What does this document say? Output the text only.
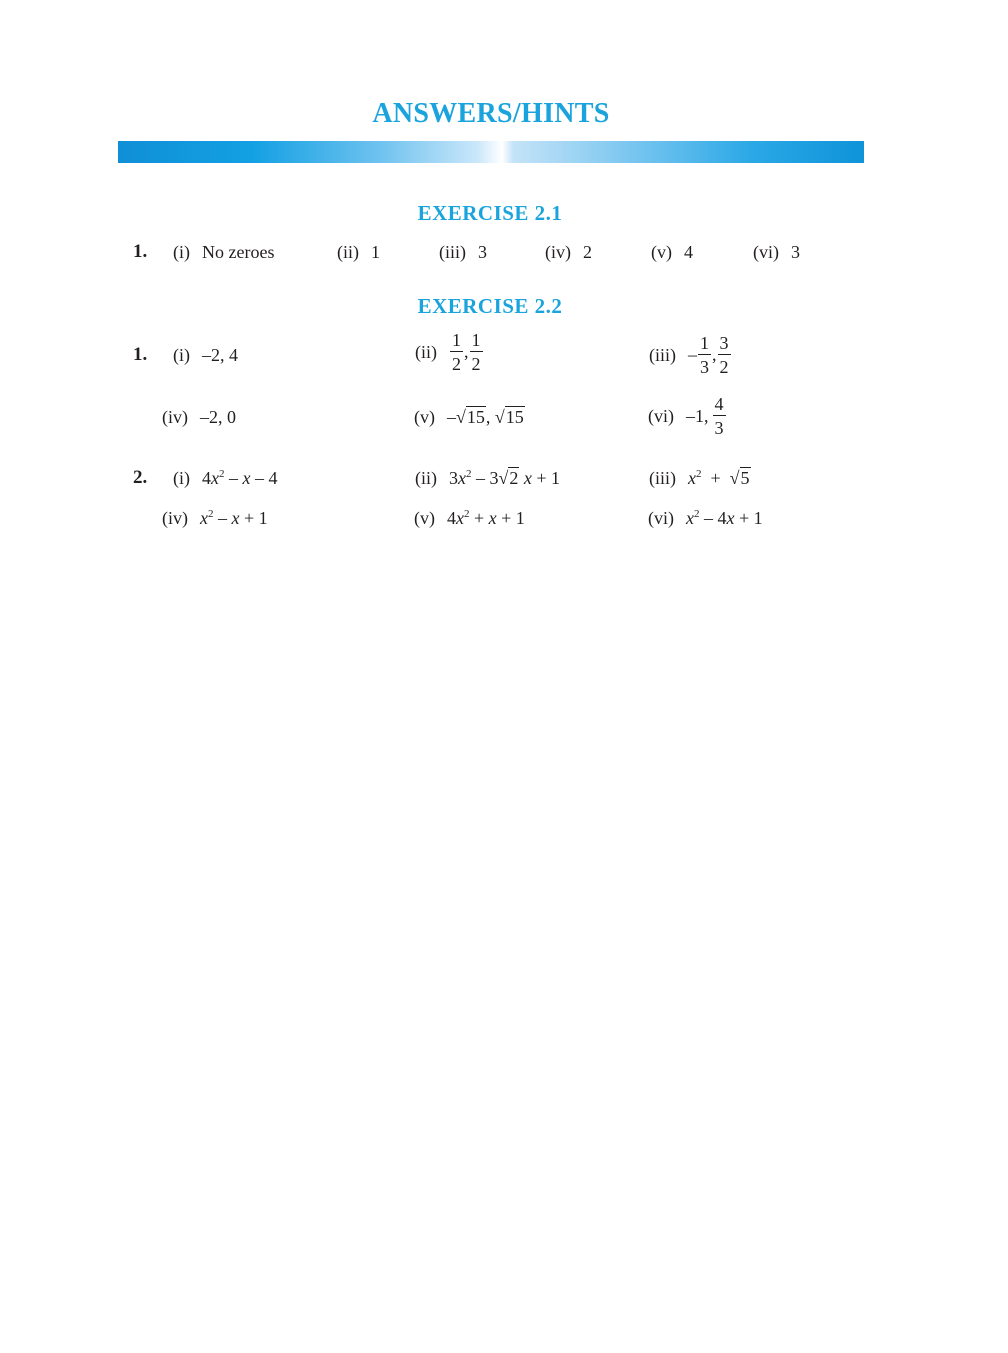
ANSWERS/HINTS
EXERCISE 2.1
1. (i) No zeroes	(ii) 1	(iii) 3	(iv) 2	(v) 4	(vi) 3
EXERCISE 2.2
1. (i) –2, 4	$(ii) \frac{1}{2}$ , $\frac{1}{2}$	$(iii) - \frac{1}{3}$ , $\frac{3}{2}$
(iv) –2, 0	(v) –√15, √15	(vi) –1, $\frac{4}{3}$
2. (i) $4x^2$ – x – 4	(ii) $3x^2 - 3√2$ x + 1	(iii) $x^2 + √5$
(iv) $x^2 - x + 1$	(v) $4x^2 + x + 1$	(vi) $x^2 - 4x + 1$
